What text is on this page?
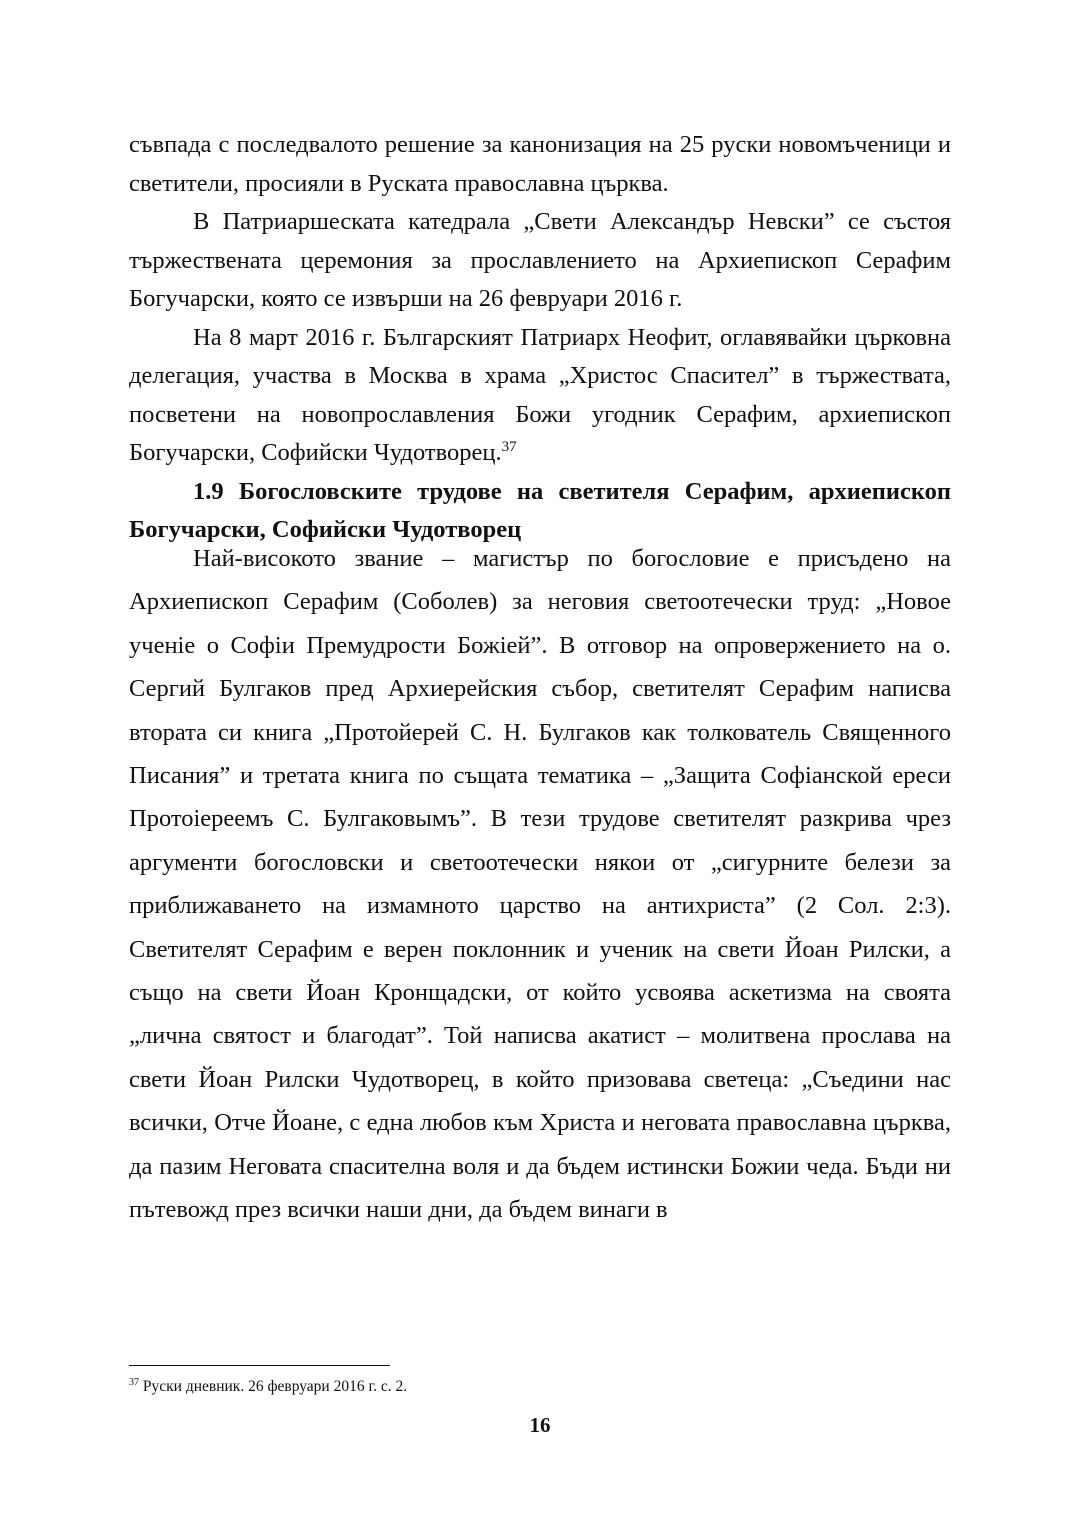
съвпада с последвалото решение за канонизация на 25 руски новомъченици и светители, просияли в Руската православна църква.

В Патриаршеската катедрала „Свети Александър Невски” се състоя тържествената церемония за прославлението на Архиепископ Серафим Богучарски, която се извърши на 26 февруари 2016 г.

На 8 март 2016 г. Българският Патриарх Неофит, оглавявайки църковна делегация, участва в Москва в храма „Христос Спасител” в тържествата, посветени на новопрославления Божи угодник Серафим, архиепископ Богучарски, Софийски Чудотворец.$^{37}$

1.9 Богословските трудове на светителя Серафим, архиепископ Богучарски, Софийски Чудотворец

Най-високото звание – магистър по богословие е присъдено на Архиепископ Серафим (Соболев) за неговия светоотечески труд: „Новое ученіе о Софіи Премудрости Божіей”. В отговор на опровержението на о. Сергий Булгаков пред Архиерейския събор, светителят Серафим написва втората си книга „Протойерей С. Н. Булгаков как толкователь Священного Писания” и третата книга по същата тематика – „Защита Софіанской ереси Протоіереемъ С. Булгаковымъ”. В тези трудове светителят разкрива чрез аргументи богословски и светоотечески някои от „сигурните белези за приближаването на измамното царство на антихриста” (2 Сол. 2:3). Светителят Серафим е верен поклонник и ученик на свети Йоан Рилски, а също на свети Йоан Кронщадски, от който усвоява аскетизма на своята „лична святост и благодат”. Той написва акатист – молитвена прослава на свети Йоан Рилски Чудотворец, в който призовава светеца: „Съедини нас всички, Отче Йоане, с една любов към Христа и неговата православна църква, да пазим Неговата спасителна воля и да бъдем истински Божии чеда. Бъди ни пътевожд през всички наши дни, да бъдем винаги в

$^{37}$ Руски дневник. 26 февруари 2016 г. с. 2.
16
